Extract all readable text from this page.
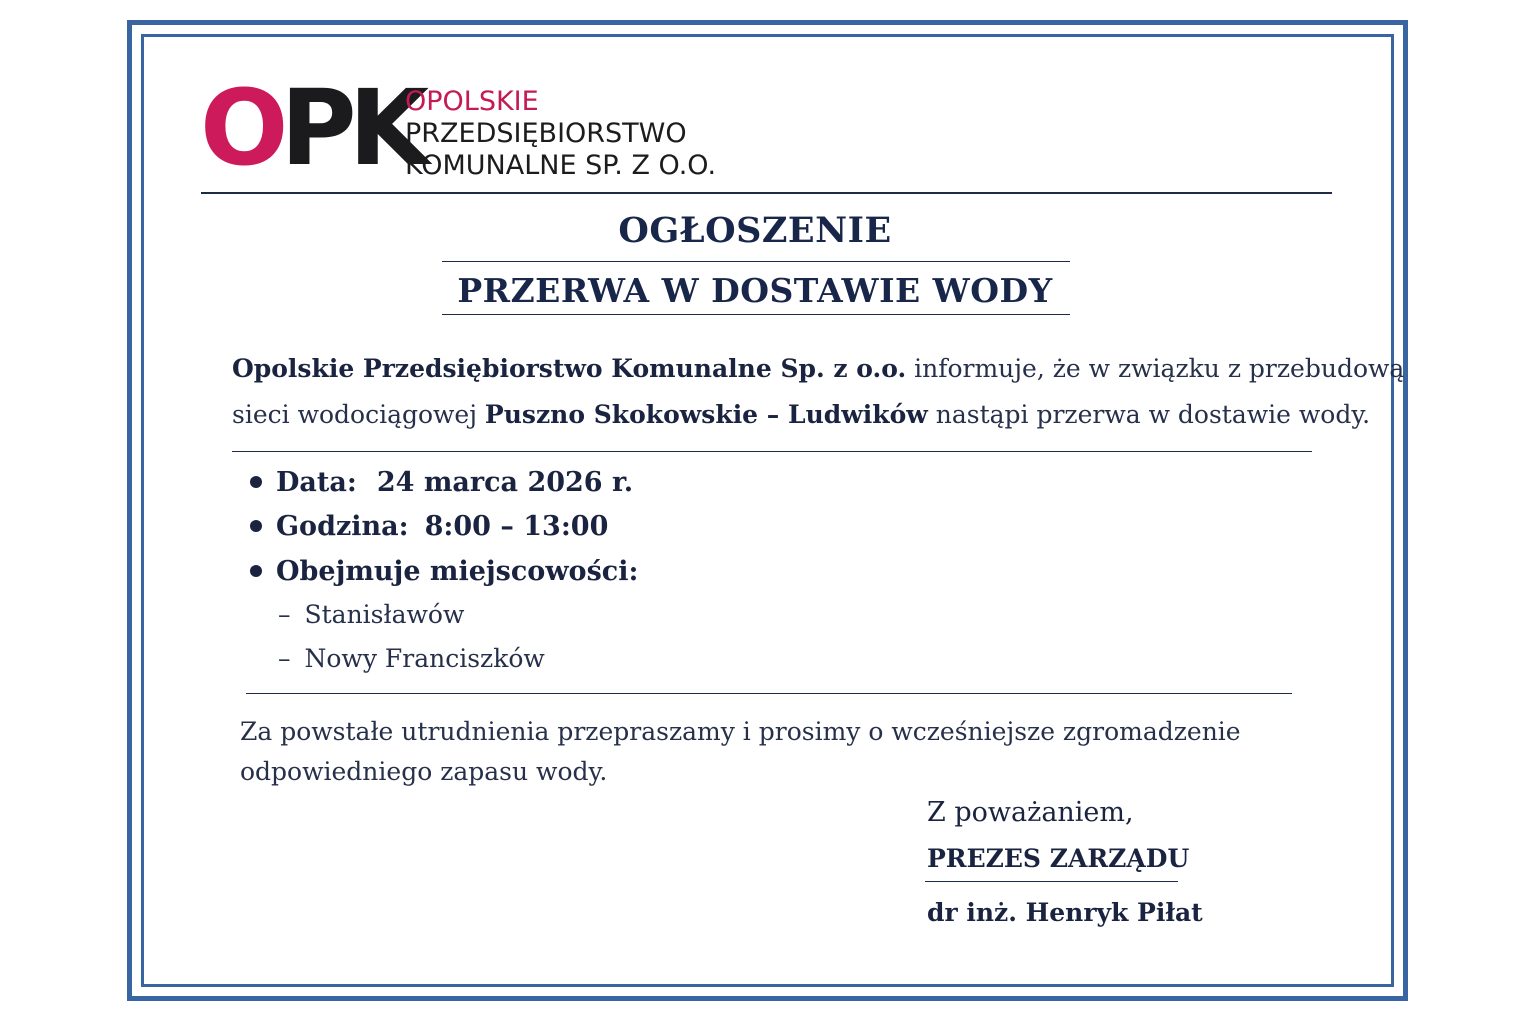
OPK
OPOLSKIE
PRZEDSIĘBIORSTWO
KOMUNALNE SP. Z O.O.
OGŁOSZENIE
PRZERWA W DOSTAWIE WODY
Opolskie Przedsiębiorstwo Komunalne Sp. z o.o. informuje, że w związku z przebudową
sieci wodociągowej Puszno Skokowskie – Ludwików nastąpi przerwa w dostawie wody.
Data: 24 marca 2026 r.
Godzina: 8:00 – 13:00
Obejmuje miejscowości:
– Stanisławów
– Nowy Franciszków
Za powstałe utrudnienia przepraszamy i prosimy o wcześniejsze zgromadzenie odpowiedniego zapasu wody.
Z poważaniem,
PREZES ZARZĄDU
dr inż. Henryk Piłat
